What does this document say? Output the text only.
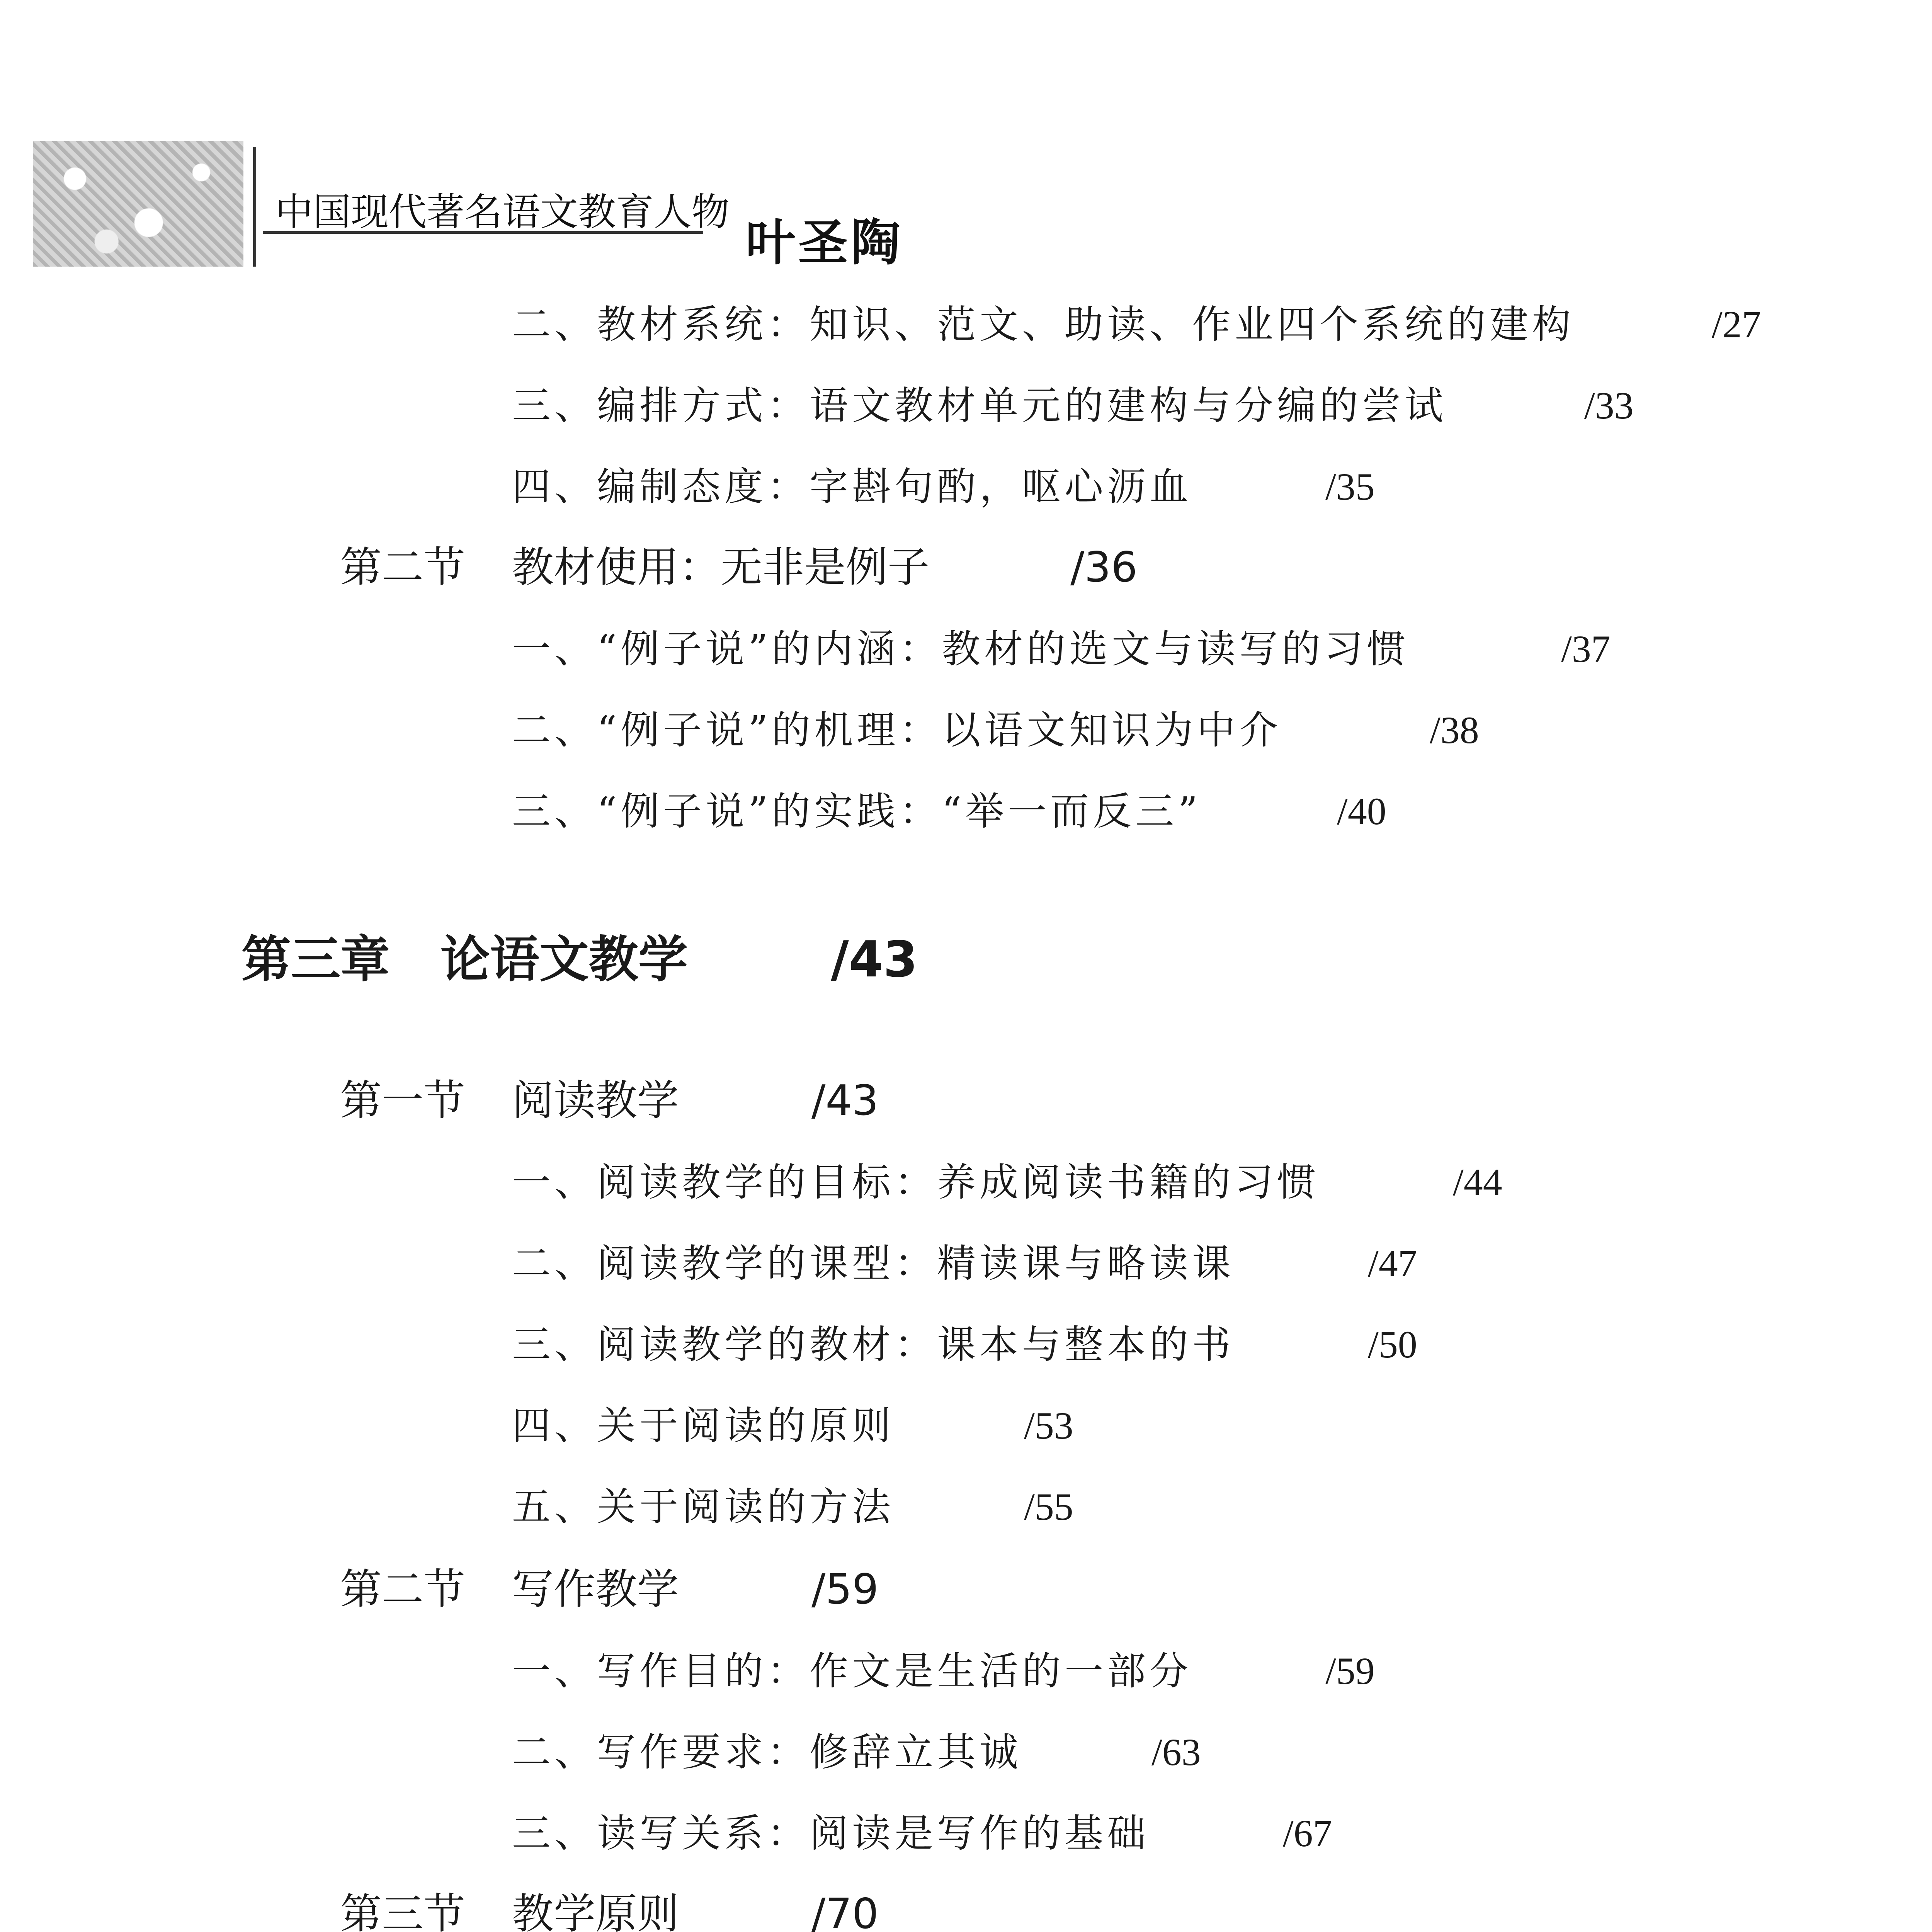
中国现代著名语文教育人物
叶圣陶
二、教材系统：知识、范文、助读、作业四个系统的建构	/27
三、编排方式：语文教材单元的建构与分编的尝试	/33
四、编制态度：字斟句酌，呕心沥血	/35
第二节 教材使用：无非是例子	/36
一、“例子说”的内涵：教材的选文与读写的习惯	/37
二、“例子说”的机理：以语文知识为中介	/38
三、“例子说”的实践：“举一而反三”	/40
第三章 论语文教学	/43
第一节 阅读教学	/43
一、阅读教学的目标：养成阅读书籍的习惯	/44
二、阅读教学的课型：精读课与略读课	/47
三、阅读教学的教材：课本与整本的书	/50
四、关于阅读的原则	/53
五、关于阅读的方法	/55
第二节 写作教学	/59
一、写作目的：作文是生活的一部分	/59
二、写作要求：修辞立其诚	/63
三、读写关系：阅读是写作的基础	/67
第三节 教学原则	/70
